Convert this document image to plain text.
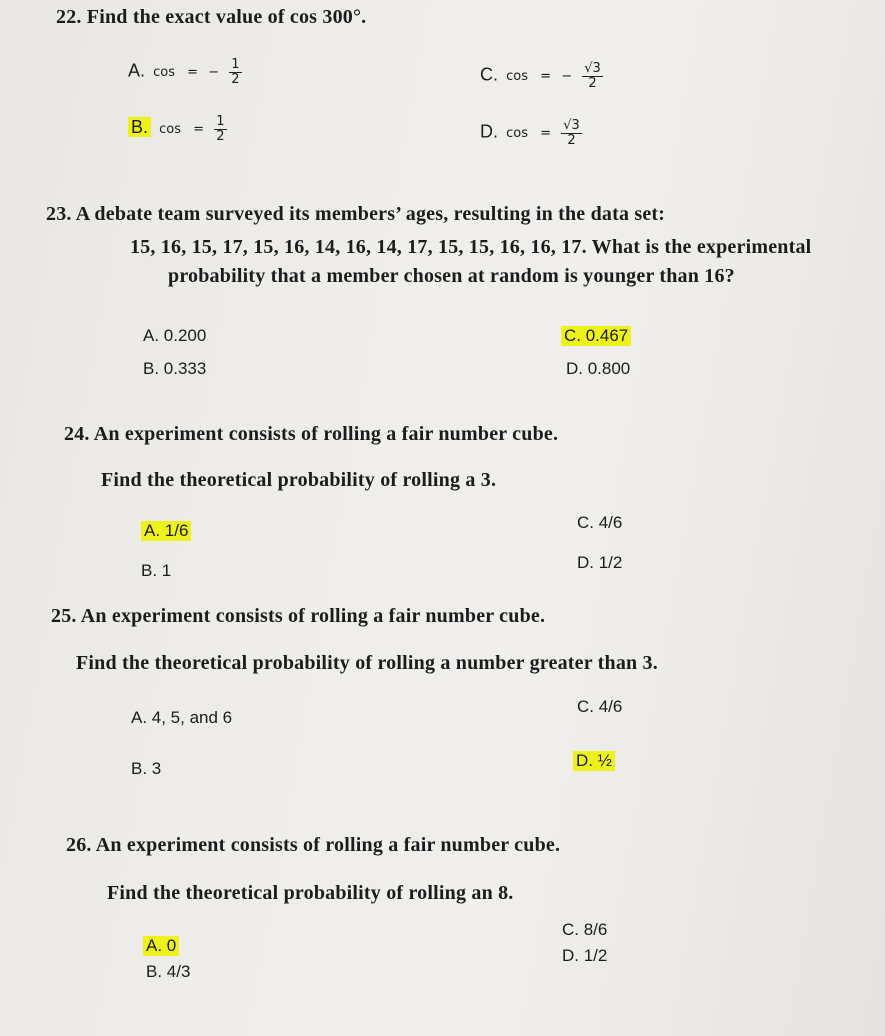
22. Find the exact value of cos 300°.
A. cos = − $\frac{1}{2}$
B. $\cos = \frac{1}{2}$
C. cos = − $\frac{√3}{2}$
D. $\cos = \frac{√3}{2}$
23. A debate team surveyed its members’ ages, resulting in the data set:
15, 16, 15, 17, 15, 16, 14, 16, 14, 17, 15, 15, 16, 16, 17. What is the experimental
probability that a member chosen at random is younger than 16?
A. 0.200
B. 0.333
C. 0.467
D. 0.800
24. An experiment consists of rolling a fair number cube.
Find the theoretical probability of rolling a 3.
A. 1/6
B. 1
C. 4/6
D. 1/2
25. An experiment consists of rolling a fair number cube.
Find the theoretical probability of rolling a number greater than 3.
A. 4, 5, and 6
B. 3
C. 4/6
D. ½
26. An experiment consists of rolling a fair number cube.
Find the theoretical probability of rolling an 8.
A. 0
B. 4/3
C. 8/6
D. 1/2
